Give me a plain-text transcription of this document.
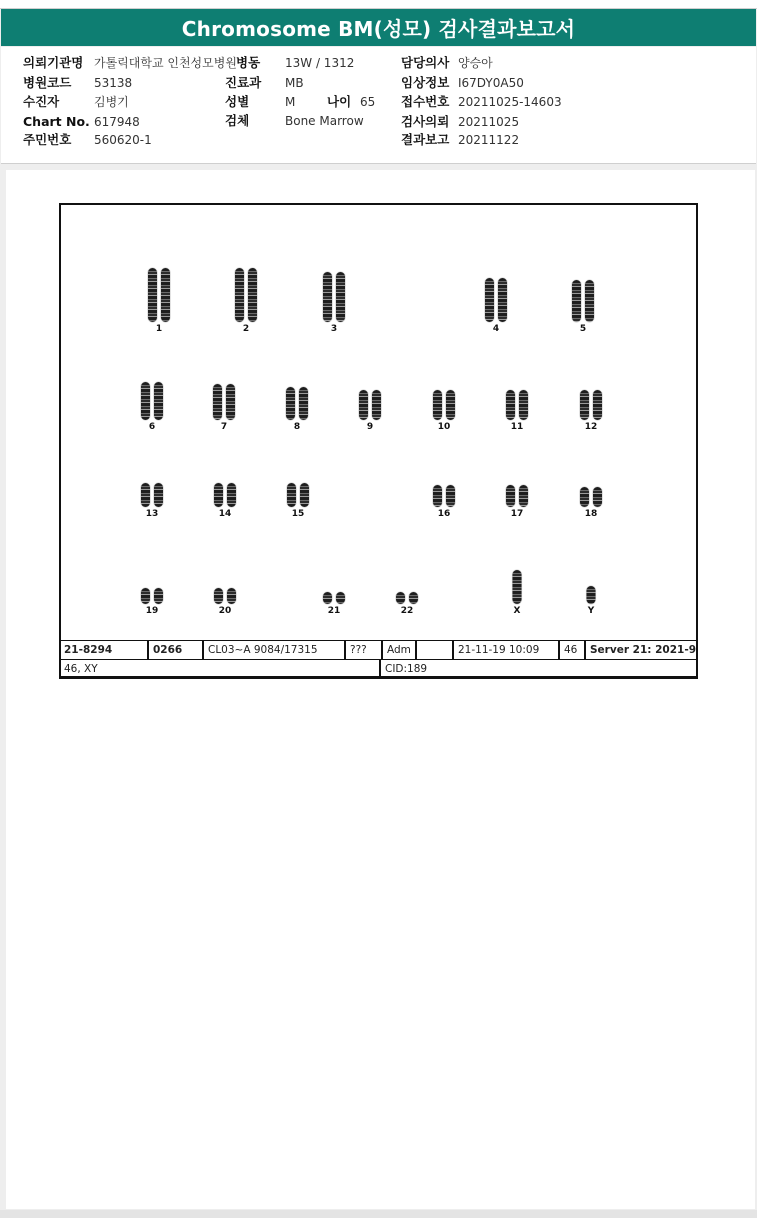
Chromosome BM(성모) 검사결과보고서
의뢰기관명 가톨릭대학교 인천성모병원
병원코드 53138
수진자	김병기
Chart No. 617948
주민번호 560620-1
병동 13W / 1312
진료과 MB
성별	M	나이 65
검체	Bone Marrow
담당의사 양승아
임상정보 I67DY0A50
접수번호 20211025-14603
검사의뢰 20211025
결과보고 20211122
1	2	3	4	5
6	7	8	9	10	11	12
13	14	15	16	17	18
19	20	21	22	X	Y
21-8294	0266	CL03~A 9084/17315	???	Adm	21-11-19 10:09	46	Server 21: 2021-9
46, XY	CID:189
